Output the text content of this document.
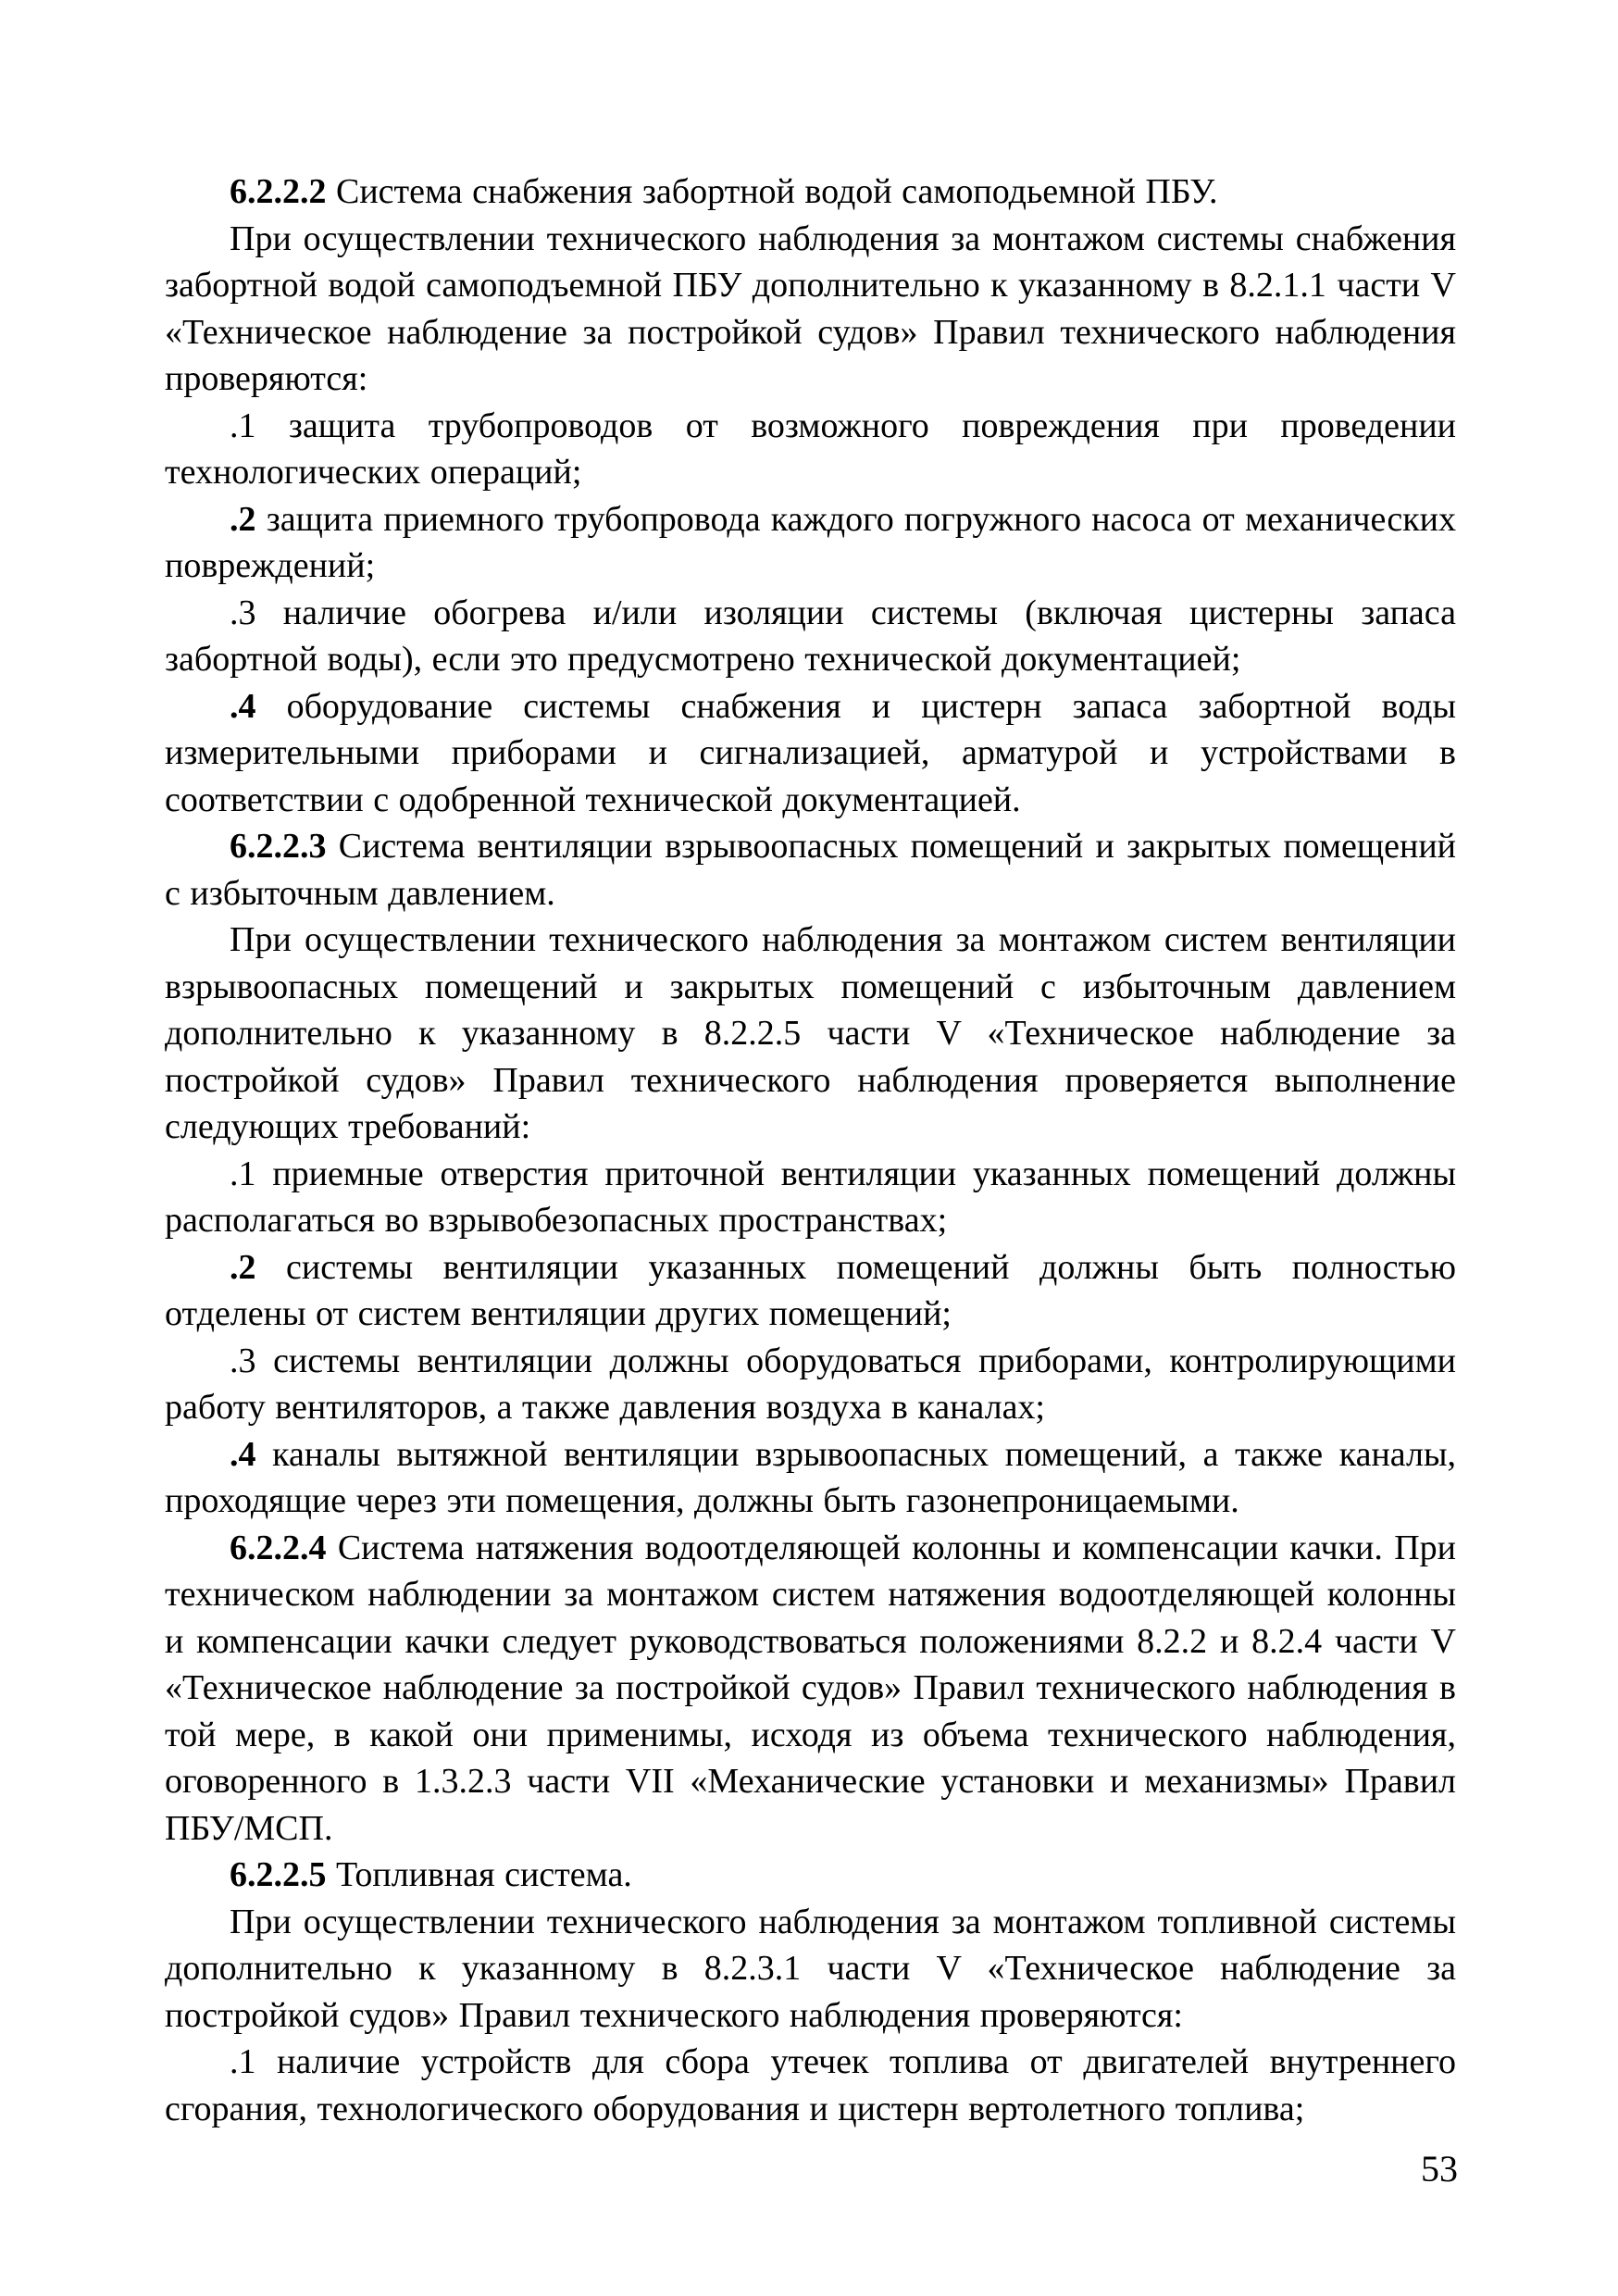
6.2.2.2 Система снабжения забортной водой самоподьемной ПБУ.

При осуществлении технического наблюдения за монтажом системы снабжения забортной водой самоподъемной ПБУ дополнительно к указанному в 8.2.1.1 части V «Техническое наблюдение за постройкой судов» Правил технического наблюдения проверяются:

.1 защита трубопроводов от возможного повреждения при проведении технологических операций;

.2 защита приемного трубопровода каждого погружного насоса от механических повреждений;

.3 наличие обогрева и/или изоляции системы (включая цистерны запаса забортной воды), если это предусмотрено технической документацией;

.4 оборудование системы снабжения и цистерн запаса забортной воды измерительными приборами и сигнализацией, арматурой и устройствами в соответствии с одобренной технической документацией.

6.2.2.3 Система вентиляции взрывоопасных помещений и закрытых помещений с избыточным давлением.

При осуществлении технического наблюдения за монтажом систем вентиляции взрывоопасных помещений и закрытых помещений с избыточным давлением дополнительно к указанному в 8.2.2.5 части V «Техническое наблюдение за постройкой судов» Правил технического наблюдения проверяется выполнение следующих требований:

.1 приемные отверстия приточной вентиляции указанных помещений должны располагаться во взрывобезопасных пространствах;

.2 системы вентиляции указанных помещений должны быть полностью отделены от систем вентиляции других помещений;

.3 системы вентиляции должны оборудоваться приборами, контролирующими работу вентиляторов, а также давления воздуха в каналах;

.4 каналы вытяжной вентиляции взрывоопасных помещений, а также каналы, проходящие через эти помещения, должны быть газонепроницаемыми.

6.2.2.4 Система натяжения водоотделяющей колонны и компенсации качки. При техническом наблюдении за монтажом систем натяжения водоотделяющей колонны и компенсации качки следует руководствоваться положениями 8.2.2 и 8.2.4 части V «Техническое наблюдение за постройкой судов» Правил технического наблюдения в той мере, в какой они применимы, исходя из объема технического наблюдения, оговоренного в 1.3.2.3 части VII «Механические установки и механизмы» Правил ПБУ/МСП.

6.2.2.5 Топливная система.

При осуществлении технического наблюдения за монтажом топливной системы дополнительно к указанному в 8.2.3.1 части V «Техническое наблюдение за постройкой судов» Правил технического наблюдения проверяются:

.1 наличие устройств для сбора утечек топлива от двигателей внутреннего сгорания, технологического оборудования и цистерн вертолетного топлива;

53
